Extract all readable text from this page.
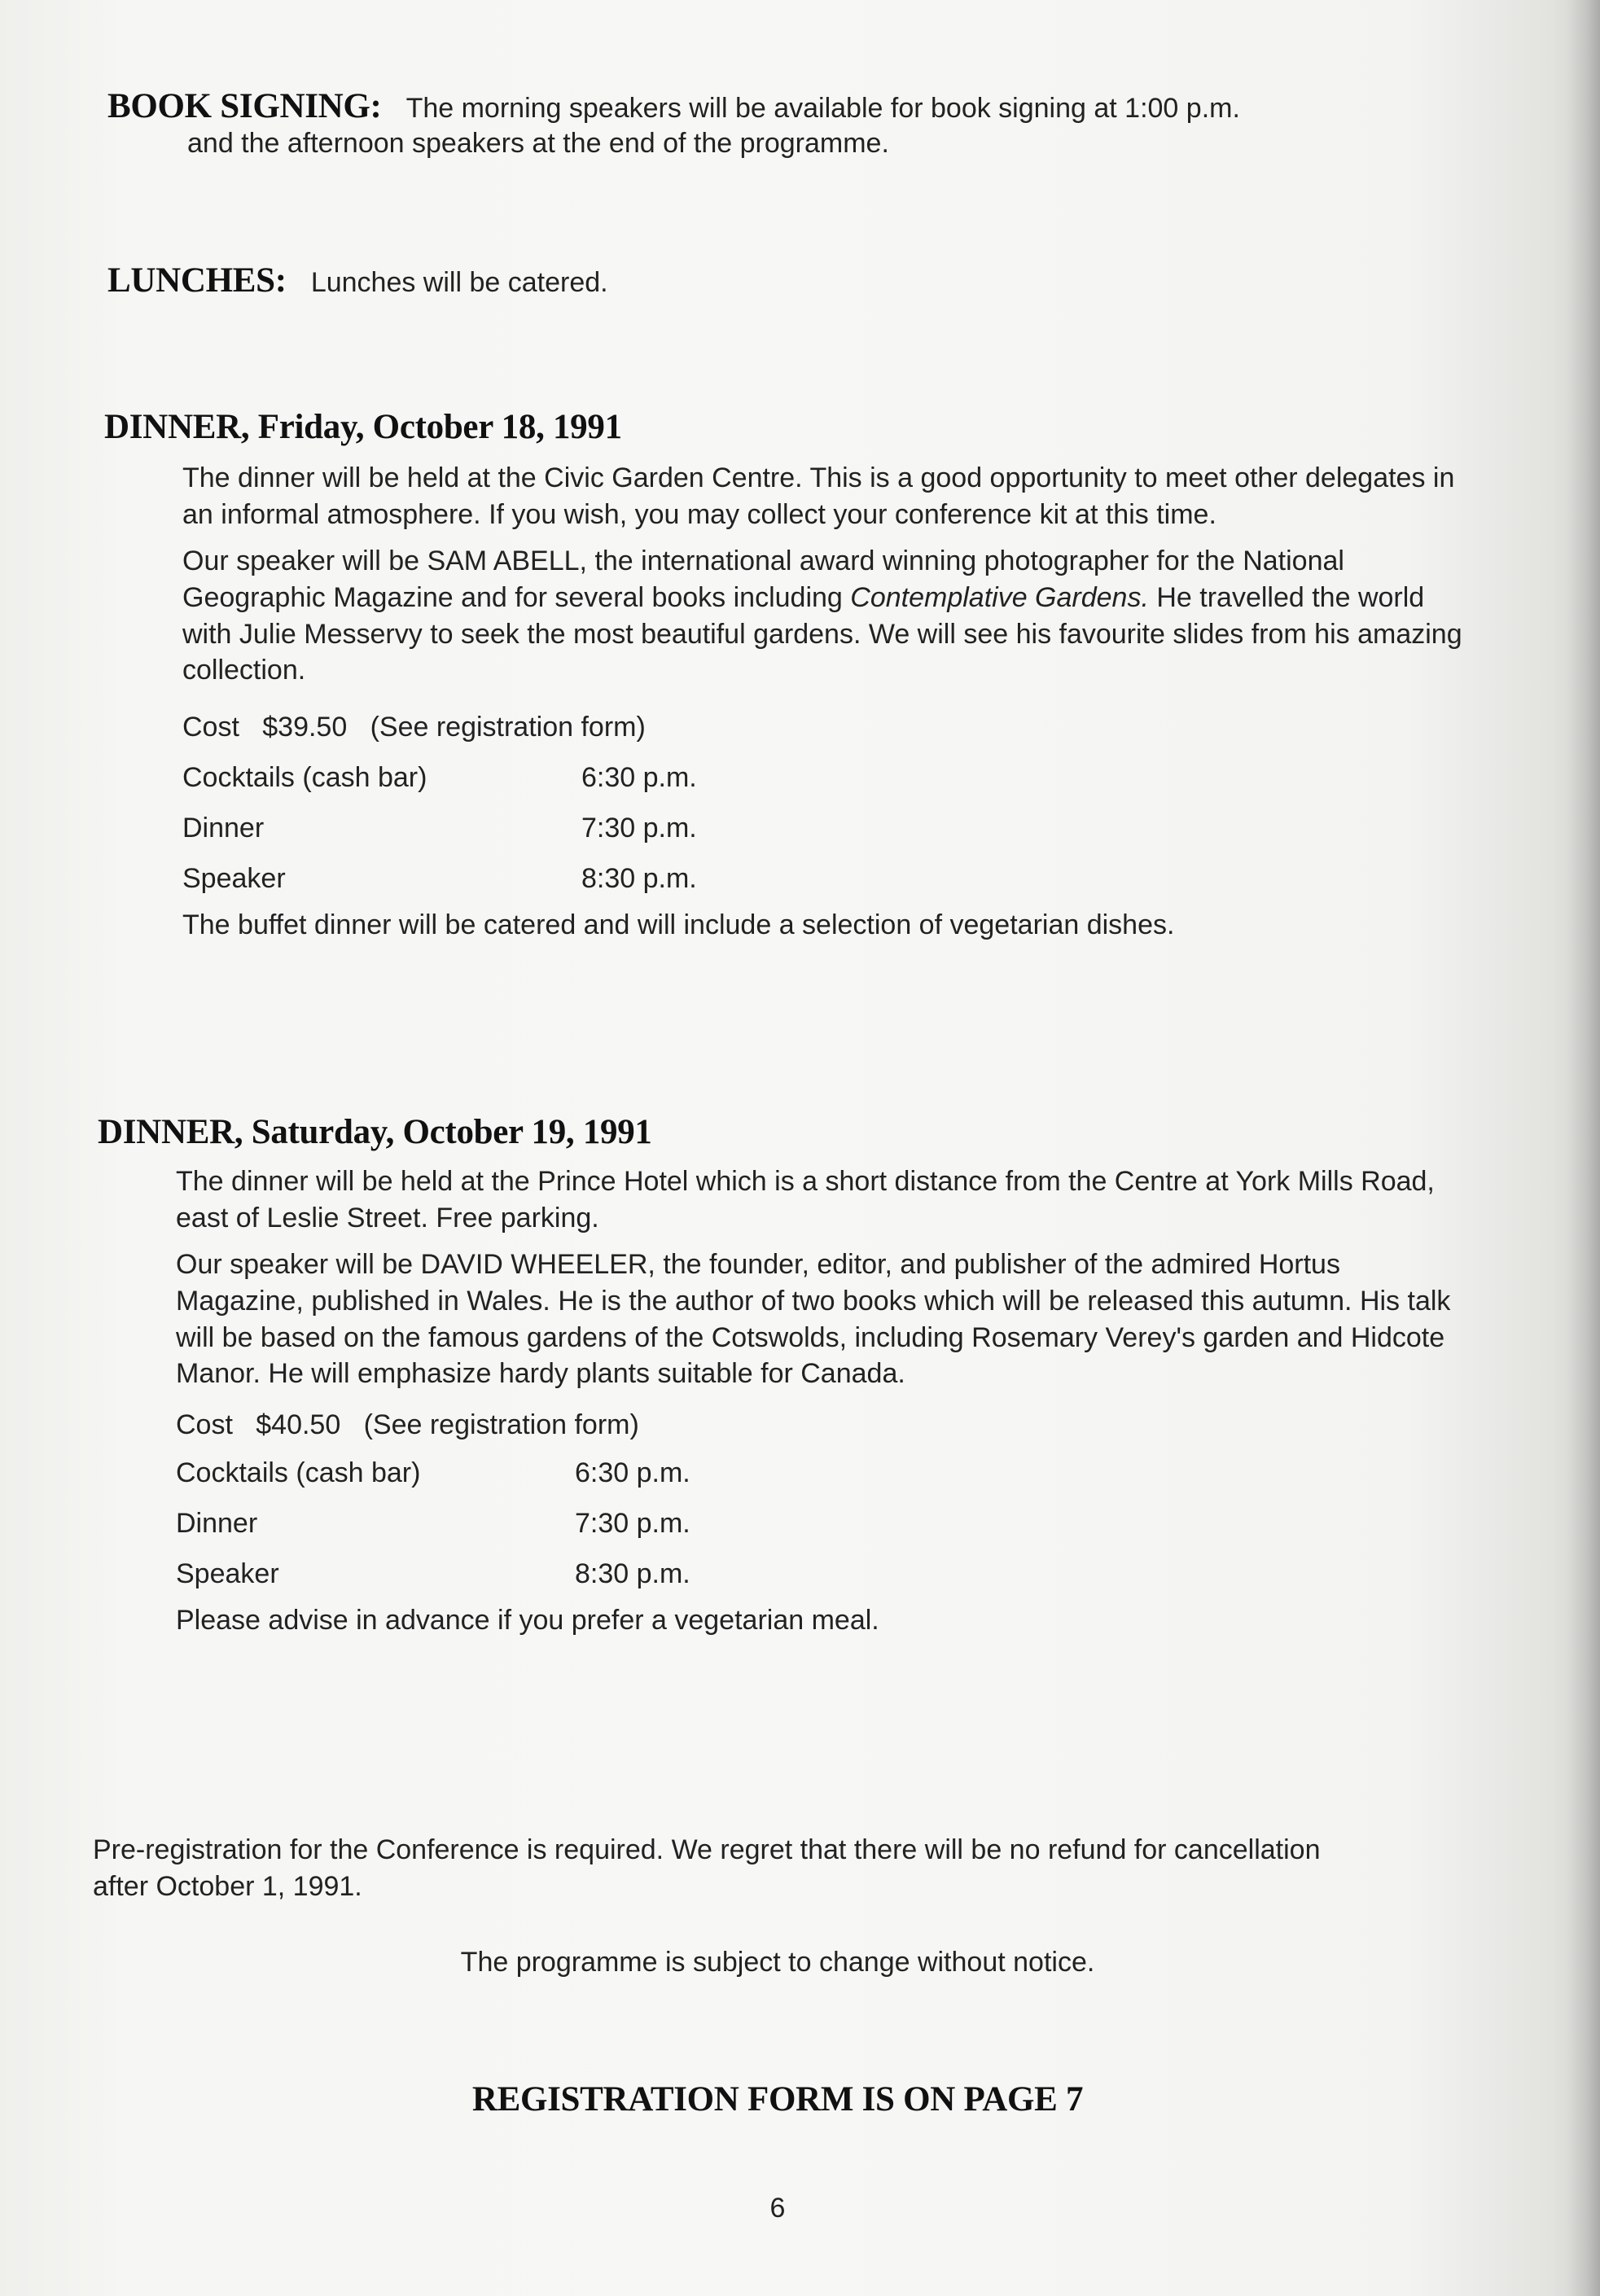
BOOK SIGNING: The morning speakers will be available for book signing at 1:00 p.m.
and the afternoon speakers at the end of the programme.
LUNCHES: Lunches will be catered.
DINNER, Friday, October 18, 1991

The dinner will be held at the Civic Garden Centre. This is a good opportunity to meet other delegates in an informal atmosphere. If you wish, you may collect your conference kit at this time.

Our speaker will be SAM ABELL, the international award winning photographer for the National Geographic Magazine and for several books including Contemplative Gardens. He travelled the world with Julie Messervy to seek the most beautiful gardens. We will see his favourite slides from his amazing collection.

Cost   $39.50   (See registration form)
Cocktails (cash bar)	6:30 p.m.
Dinner	7:30 p.m.
Speaker	8:30 p.m.
The buffet dinner will be catered and will include a selection of vegetarian dishes.
DINNER, Saturday, October 19, 1991

The dinner will be held at the Prince Hotel which is a short distance from the Centre at York Mills Road, east of Leslie Street. Free parking.

Our speaker will be DAVID WHEELER, the founder, editor, and publisher of the admired Hortus Magazine, published in Wales. He is the author of two books which will be released this autumn. His talk will be based on the famous gardens of the Cotswolds, including Rosemary Verey's garden and Hidcote Manor. He will emphasize hardy plants suitable for Canada.

Cost   $40.50   (See registration form)
Cocktails (cash bar)	6:30 p.m.
Dinner	7:30 p.m.
Speaker	8:30 p.m.
Please advise in advance if you prefer a vegetarian meal.
Pre-registration for the Conference is required. We regret that there will be no refund for cancellation after October 1, 1991.
The programme is subject to change without notice.
REGISTRATION FORM IS ON PAGE 7
6
